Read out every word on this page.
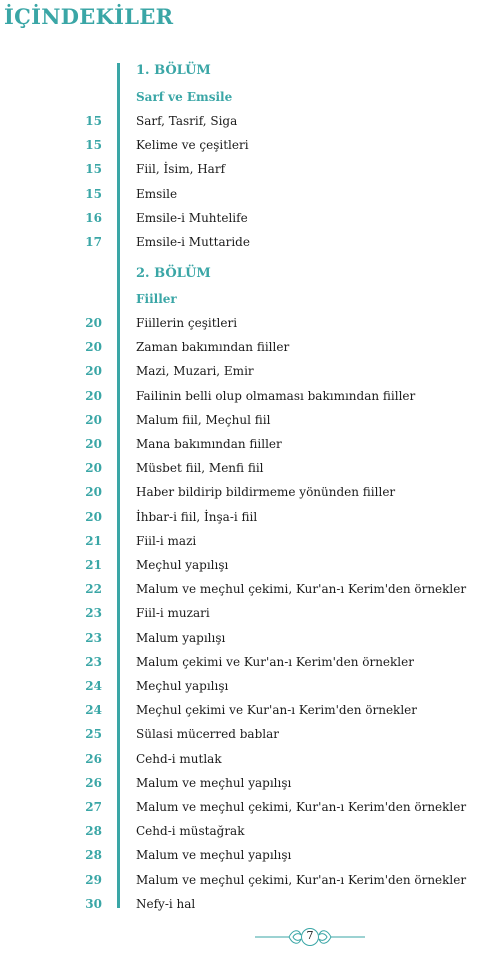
İÇİNDEKİLER
1. BÖLÜM
Sarf ve Emsile
15	Sarf, Tasrif, Siga
15	Kelime ve çeşitleri
15	Fiil, İsim, Harf
15	Emsile
16	Emsile-i Muhtelife
17	Emsile-i Muttaride
2. BÖLÜM
Fiiller
20	Fiillerin çeşitleri
20	Zaman bakımından fiiller
20	Mazi, Muzari, Emir
20	Failinin belli olup olmaması bakımından fiiller
20	Malum fiil, Meçhul fiil
20	Mana bakımından fiiller
20	Müsbet fiil, Menfi fiil
20	Haber bildirip bildirmeme yönünden fiiller
20	İhbar-i fiil, İnşa-i fiil
21	Fiil-i mazi
21	Meçhul yapılışı
22	Malum ve meçhul çekimi, Kur'an-ı Kerim'den örnekler
23	Fiil-i muzari
23	Malum yapılışı
23	Malum çekimi ve Kur'an-ı Kerim'den örnekler
24	Meçhul yapılışı
24	Meçhul çekimi ve Kur'an-ı Kerim'den örnekler
25	Sülasi mücerred bablar
26	Cehd-i mutlak
26	Malum ve meçhul yapılışı
27	Malum ve meçhul çekimi, Kur'an-ı Kerim'den örnekler
28	Cehd-i müstağrak
28	Malum ve meçhul yapılışı
29	Malum ve meçhul çekimi, Kur'an-ı Kerim'den örnekler
30	Nefy-i hal
7
